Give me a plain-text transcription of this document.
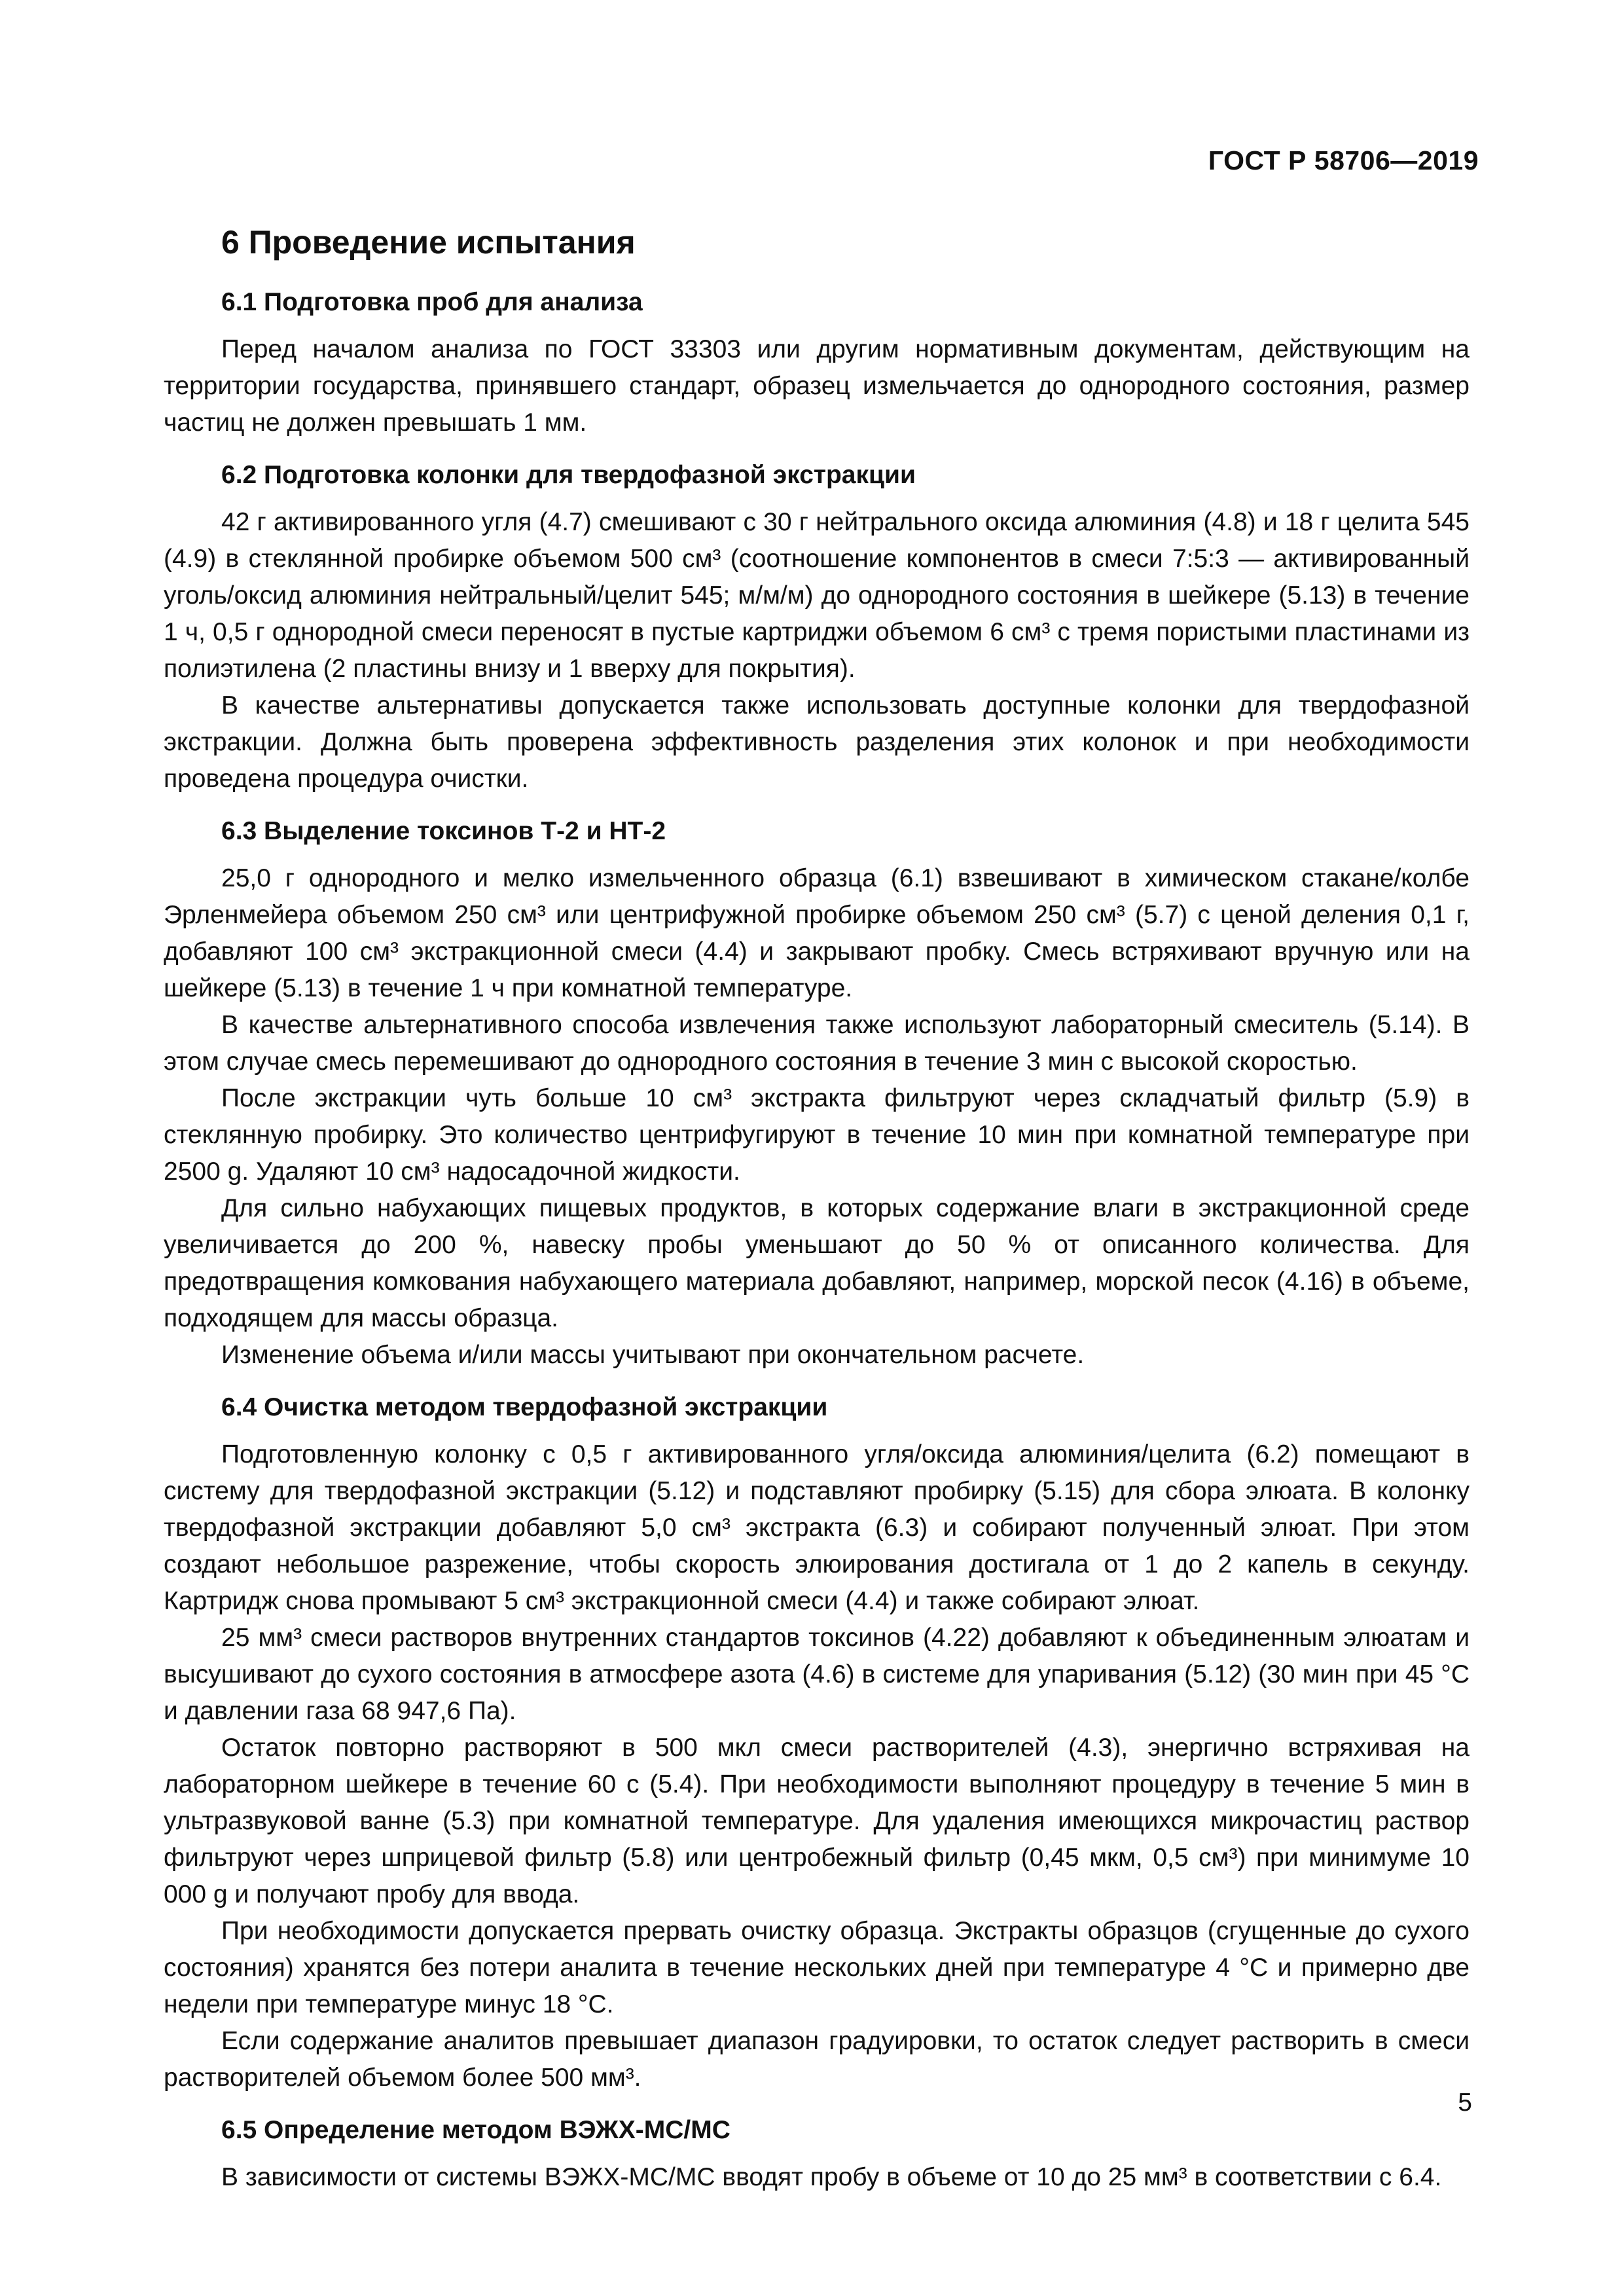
ГОСТ Р 58706—2019
6 Проведение испытания
6.1 Подготовка проб для анализа

Перед началом анализа по ГОСТ 33303 или другим нормативным документам, действующим на территории государства, принявшего стандарт, образец измельчается до однородного состояния, размер частиц не должен превышать 1 мм.

6.2 Подготовка колонки для твердофазной экстракции

42 г активированного угля (4.7) смешивают с 30 г нейтрального оксида алюминия (4.8) и 18 г целита 545 (4.9) в стеклянной пробирке объемом 500 см³ (соотношение компонентов в смеси 7:5:3 — активированный уголь/оксид алюминия нейтральный/целит 545; м/м/м) до однородного состояния в шейкере (5.13) в течение 1 ч, 0,5 г однородной смеси переносят в пустые картриджи объемом 6 см³ с тремя пористыми пластинами из полиэтилена (2 пластины внизу и 1 вверху для покрытия).

В качестве альтернативы допускается также использовать доступные колонки для твердофазной экстракции. Должна быть проверена эффективность разделения этих колонок и при необходимости проведена процедура очистки.

6.3 Выделение токсинов Т-2 и НТ-2

25,0 г однородного и мелко измельченного образца (6.1) взвешивают в химическом стакане/колбе Эрленмейера объемом 250 см³ или центрифужной пробирке объемом 250 см³ (5.7) с ценой деления 0,1 г, добавляют 100 см³ экстракционной смеси (4.4) и закрывают пробку. Смесь встряхивают вручную или на шейкере (5.13) в течение 1 ч при комнатной температуре.

В качестве альтернативного способа извлечения также используют лабораторный смеситель (5.14). В этом случае смесь перемешивают до однородного состояния в течение 3 мин с высокой скоростью.

После экстракции чуть больше 10 см³ экстракта фильтруют через складчатый фильтр (5.9) в стеклянную пробирку. Это количество центрифугируют в течение 10 мин при комнатной температуре при 2500 g. Удаляют 10 см³ надосадочной жидкости.

Для сильно набухающих пищевых продуктов, в которых содержание влаги в экстракционной среде увеличивается до 200 %, навеску пробы уменьшают до 50 % от описанного количества. Для предотвращения комкования набухающего материала добавляют, например, морской песок (4.16) в объеме, подходящем для массы образца.

Изменение объема и/или массы учитывают при окончательном расчете.

6.4 Очистка методом твердофазной экстракции

Подготовленную колонку с 0,5 г активированного угля/оксида алюминия/целита (6.2) помещают в систему для твердофазной экстракции (5.12) и подставляют пробирку (5.15) для сбора элюата. В колонку твердофазной экстракции добавляют 5,0 см³ экстракта (6.3) и собирают полученный элюат. При этом создают небольшое разрежение, чтобы скорость элюирования достигала от 1 до 2 капель в секунду. Картридж снова промывают 5 см³ экстракционной смеси (4.4) и также собирают элюат.

25 мм³ смеси растворов внутренних стандартов токсинов (4.22) добавляют к объединенным элюатам и высушивают до сухого состояния в атмосфере азота (4.6) в системе для упаривания (5.12) (30 мин при 45 °С и давлении газа 68 947,6 Па).

Остаток повторно растворяют в 500 мкл смеси растворителей (4.3), энергично встряхивая на лабораторном шейкере в течение 60 с (5.4). При необходимости выполняют процедуру в течение 5 мин в ультразвуковой ванне (5.3) при комнатной температуре. Для удаления имеющихся микрочастиц раствор фильтруют через шприцевой фильтр (5.8) или центробежный фильтр (0,45 мкм, 0,5 см³) при минимуме 10 000 g и получают пробу для ввода.

При необходимости допускается прервать очистку образца. Экстракты образцов (сгущенные до сухого состояния) хранятся без потери аналита в течение нескольких дней при температуре 4 °С и примерно две недели при температуре минус 18 °С.

Если содержание аналитов превышает диапазон градуировки, то остаток следует растворить в смеси растворителей объемом более 500 мм³.

6.5 Определение методом ВЭЖХ-МС/МС

В зависимости от системы ВЭЖХ-МС/МС вводят пробу в объеме от 10 до 25 мм³ в соответствии с 6.4.

5
